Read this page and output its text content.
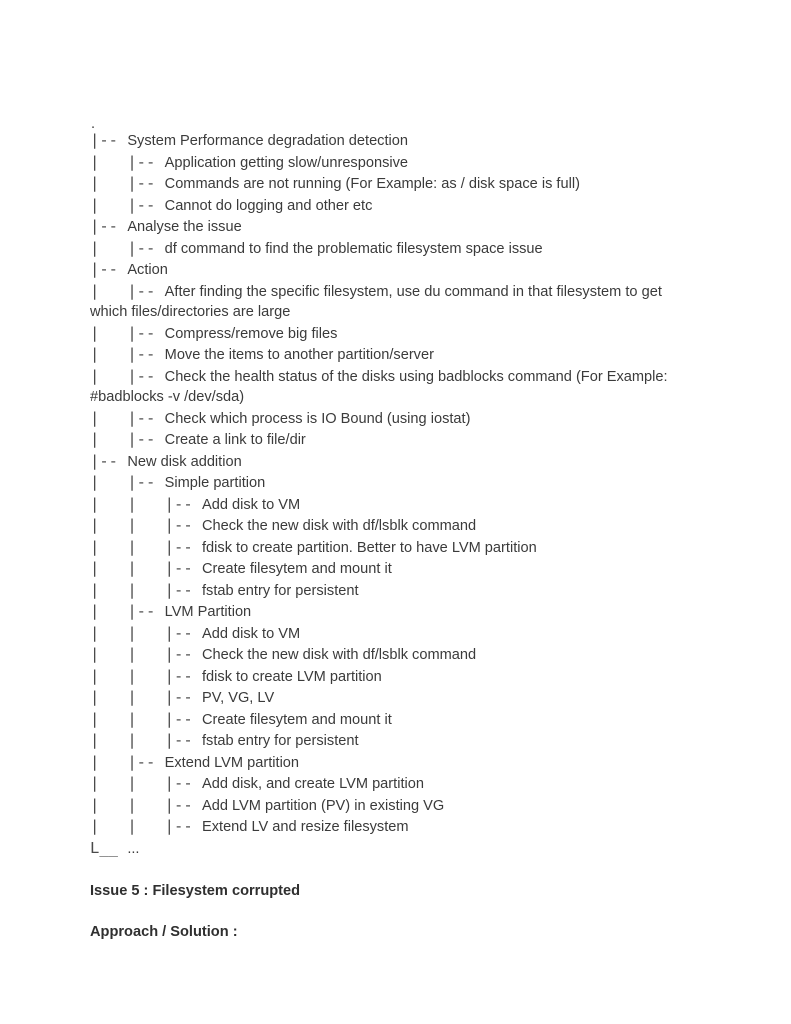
.
|-- System Performance degradation detection
|   |-- Application getting slow/unresponsive
|   |-- Commands are not running (For Example: as / disk space is full)
|   |-- Cannot do logging and other etc
|-- Analyse the issue
|   |-- df command to find the problematic filesystem space issue
|-- Action
|   |-- After finding the specific filesystem, use du command in that filesystem to get
which files/directories are large
|   |-- Compress/remove big files
|   |-- Move the items to another partition/server
|   |-- Check the health status of the disks using badblocks command (For Example:
#badblocks -v /dev/sda)
|   |-- Check which process is IO Bound (using iostat)
|   |-- Create a link to file/dir
|-- New disk addition
|   |-- Simple partition
|   |   |-- Add disk to VM
|   |   |-- Check the new disk with df/lsblk command
|   |   |-- fdisk to create partition. Better to have LVM partition
|   |   |-- Create filesytem and mount it
|   |   |-- fstab entry for persistent
|   |-- LVM Partition
|   |   |-- Add disk to VM
|   |   |-- Check the new disk with df/lsblk command
|   |   |-- fdisk to create LVM partition
|   |   |-- PV, VG, LV
|   |   |-- Create filesytem and mount it
|   |   |-- fstab entry for persistent
|   |-- Extend LVM partition
|   |   |-- Add disk, and create LVM partition
|   |   |-- Add LVM partition (PV) in existing VG
|   |   |-- Extend LV and resize filesystem
L__ ...
Issue 5 : Filesystem corrupted
Approach / Solution :
